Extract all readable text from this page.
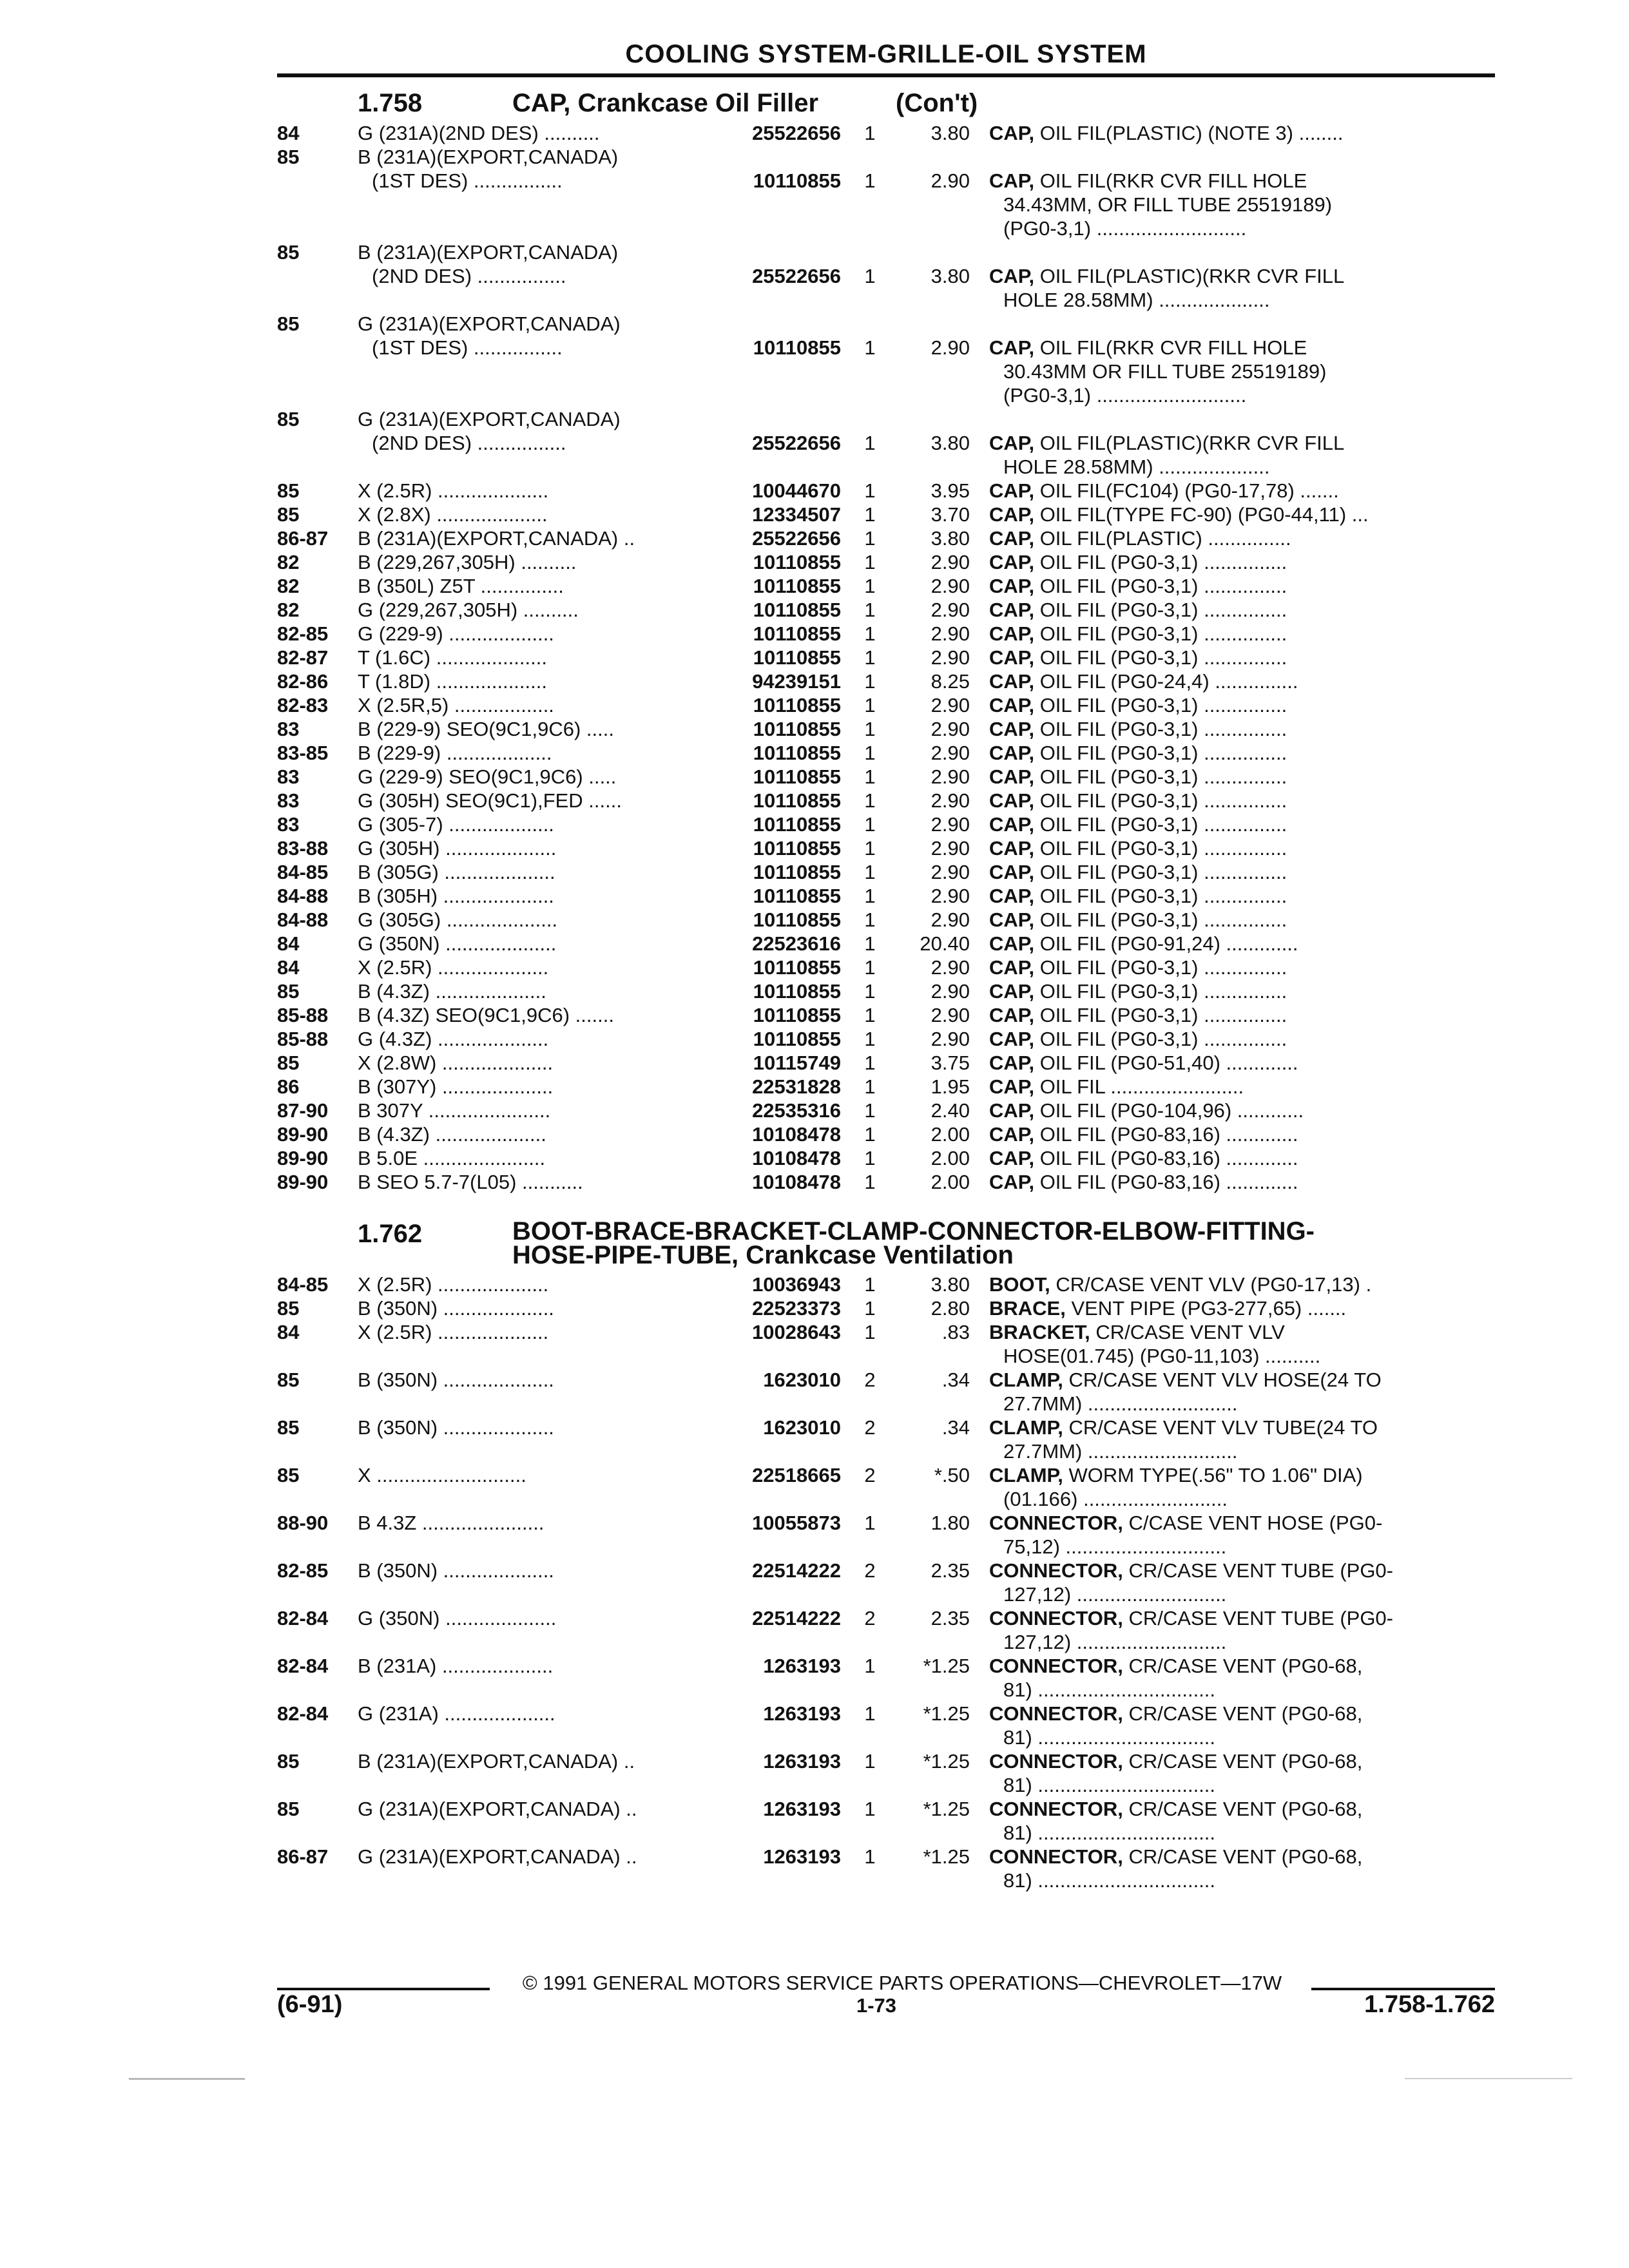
COOLING SYSTEM-GRILLE-OIL SYSTEM
1.758	CAP, Crankcase Oil Filler	(Con't)
84	G (231A)(2ND DES) ..........	25522656	1	3.80 CAP, OIL FIL(PLASTIC) (NOTE 3) ........
85	B (231A)(EXPORT,CANADA)
(1ST DES) ................	10110855	1	2.90 CAP, OIL FIL(RKR CVR FILL HOLE
34.43MM, OR FILL TUBE 25519189)
(PG0-3,1) ...........................
85	B (231A)(EXPORT,CANADA)
(2ND DES) ................	25522656	1	3.80 CAP, OIL FIL(PLASTIC)(RKR CVR FILL
HOLE 28.58MM) ....................
85	G (231A)(EXPORT,CANADA)
(1ST DES) ................	10110855	1	2.90 CAP, OIL FIL(RKR CVR FILL HOLE
30.43MM OR FILL TUBE 25519189)
(PG0-3,1) ...........................
85	G (231A)(EXPORT,CANADA)
(2ND DES) ................	25522656	1	3.80 CAP, OIL FIL(PLASTIC)(RKR CVR FILL
HOLE 28.58MM) ....................
85	X (2.5R) ....................	10044670	1	3.95 CAP, OIL FIL(FC104) (PG0-17,78) .......
85	X (2.8X) ....................	12334507	1	3.70 CAP, OIL FIL(TYPE FC-90) (PG0-44,11) ...
86-87	B (231A)(EXPORT,CANADA) ..	25522656	1	3.80 CAP, OIL FIL(PLASTIC) ...............
82	B (229,267,305H) ..........	10110855	1	2.90 CAP, OIL FIL (PG0-3,1) ...............
82	B (350L) Z5T ...............	10110855	1	2.90 CAP, OIL FIL (PG0-3,1) ...............
82	G (229,267,305H) ..........	10110855	1	2.90 CAP, OIL FIL (PG0-3,1) ...............
82-85	G (229-9) ...................	10110855	1	2.90 CAP, OIL FIL (PG0-3,1) ...............
82-87	T (1.6C) ....................	10110855	1	2.90 CAP, OIL FIL (PG0-3,1) ...............
82-86	T (1.8D) ....................	94239151	1	8.25 CAP, OIL FIL (PG0-24,4) ...............
82-83	X (2.5R,5) ..................	10110855	1	2.90 CAP, OIL FIL (PG0-3,1) ...............
83	B (229-9) SEO(9C1,9C6) .....	10110855	1	2.90 CAP, OIL FIL (PG0-3,1) ...............
83-85	B (229-9) ...................	10110855	1	2.90 CAP, OIL FIL (PG0-3,1) ...............
83	G (229-9) SEO(9C1,9C6) .....	10110855	1	2.90 CAP, OIL FIL (PG0-3,1) ...............
83	G (305H) SEO(9C1),FED ......	10110855	1	2.90 CAP, OIL FIL (PG0-3,1) ...............
83	G (305-7) ...................	10110855	1	2.90 CAP, OIL FIL (PG0-3,1) ...............
83-88	G (305H) ....................	10110855	1	2.90 CAP, OIL FIL (PG0-3,1) ...............
84-85	B (305G) ....................	10110855	1	2.90 CAP, OIL FIL (PG0-3,1) ...............
84-88	B (305H) ....................	10110855	1	2.90 CAP, OIL FIL (PG0-3,1) ...............
84-88	G (305G) ....................	10110855	1	2.90 CAP, OIL FIL (PG0-3,1) ...............
84	G (350N) ....................	22523616	1	20.40 CAP, OIL FIL (PG0-91,24) .............
84	X (2.5R) ....................	10110855	1	2.90 CAP, OIL FIL (PG0-3,1) ...............
85	B (4.3Z) ....................	10110855	1	2.90 CAP, OIL FIL (PG0-3,1) ...............
85-88	B (4.3Z) SEO(9C1,9C6) .......	10110855	1	2.90 CAP, OIL FIL (PG0-3,1) ...............
85-88	G (4.3Z) ....................	10110855	1	2.90 CAP, OIL FIL (PG0-3,1) ...............
85	X (2.8W) ....................	10115749	1	3.75 CAP, OIL FIL (PG0-51,40) .............
86	B (307Y) ....................	22531828	1	1.95 CAP, OIL FIL ........................
87-90	B 307Y ......................	22535316	1	2.40 CAP, OIL FIL (PG0-104,96) ............
89-90	B (4.3Z) ....................	10108478	1	2.00 CAP, OIL FIL (PG0-83,16) .............
89-90	B 5.0E ......................	10108478	1	2.00 CAP, OIL FIL (PG0-83,16) .............
89-90	B SEO 5.7-7(L05) ...........	10108478	1	2.00 CAP, OIL FIL (PG0-83,16) .............
1.762	BOOT-BRACE-BRACKET-CLAMP-CONNECTOR-ELBOW-FITTING-
HOSE-PIPE-TUBE, Crankcase Ventilation
84-85	X (2.5R) ....................	10036943	1	3.80 BOOT, CR/CASE VENT VLV (PG0-17,13) .
85	B (350N) ....................	22523373	1	2.80 BRACE, VENT PIPE (PG3-277,65) .......
84	X (2.5R) ....................	10028643	1	.83 BRACKET, CR/CASE VENT VLV
HOSE(01.745) (PG0-11,103) ..........
85	B (350N) ....................	1623010	2	.34 CLAMP, CR/CASE VENT VLV HOSE(24 TO
27.7MM) ...........................
85	B (350N) ....................	1623010	2	.34 CLAMP, CR/CASE VENT VLV TUBE(24 TO
27.7MM) ...........................
85	X ...........................	22518665	2	*.50 CLAMP, WORM TYPE(.56" TO 1.06" DIA)
(01.166) ..........................
88-90	B 4.3Z ......................	10055873	1	1.80 CONNECTOR, C/CASE VENT HOSE (PG0-
75,12) .............................
82-85	B (350N) ....................	22514222	2	2.35 CONNECTOR, CR/CASE VENT TUBE (PG0-
127,12) ...........................
82-84	G (350N) ....................	22514222	2	2.35 CONNECTOR, CR/CASE VENT TUBE (PG0-
127,12) ...........................
82-84	B (231A) ....................	1263193	1	*1.25 CONNECTOR, CR/CASE VENT (PG0-68,
81) ................................
82-84	G (231A) ....................	1263193	1	*1.25 CONNECTOR, CR/CASE VENT (PG0-68,
81) ................................
85	B (231A)(EXPORT,CANADA) ..	1263193	1	*1.25 CONNECTOR, CR/CASE VENT (PG0-68,
81) ................................
85	G (231A)(EXPORT,CANADA) ..	1263193	1	*1.25 CONNECTOR, CR/CASE VENT (PG0-68,
81) ................................
86-87	G (231A)(EXPORT,CANADA) ..	1263193	1	*1.25 CONNECTOR, CR/CASE VENT (PG0-68,
81) ................................
© 1991 GENERAL MOTORS SERVICE PARTS OPERATIONS—CHEVROLET—17W
(6-91)	1-73	1.758-1.762
